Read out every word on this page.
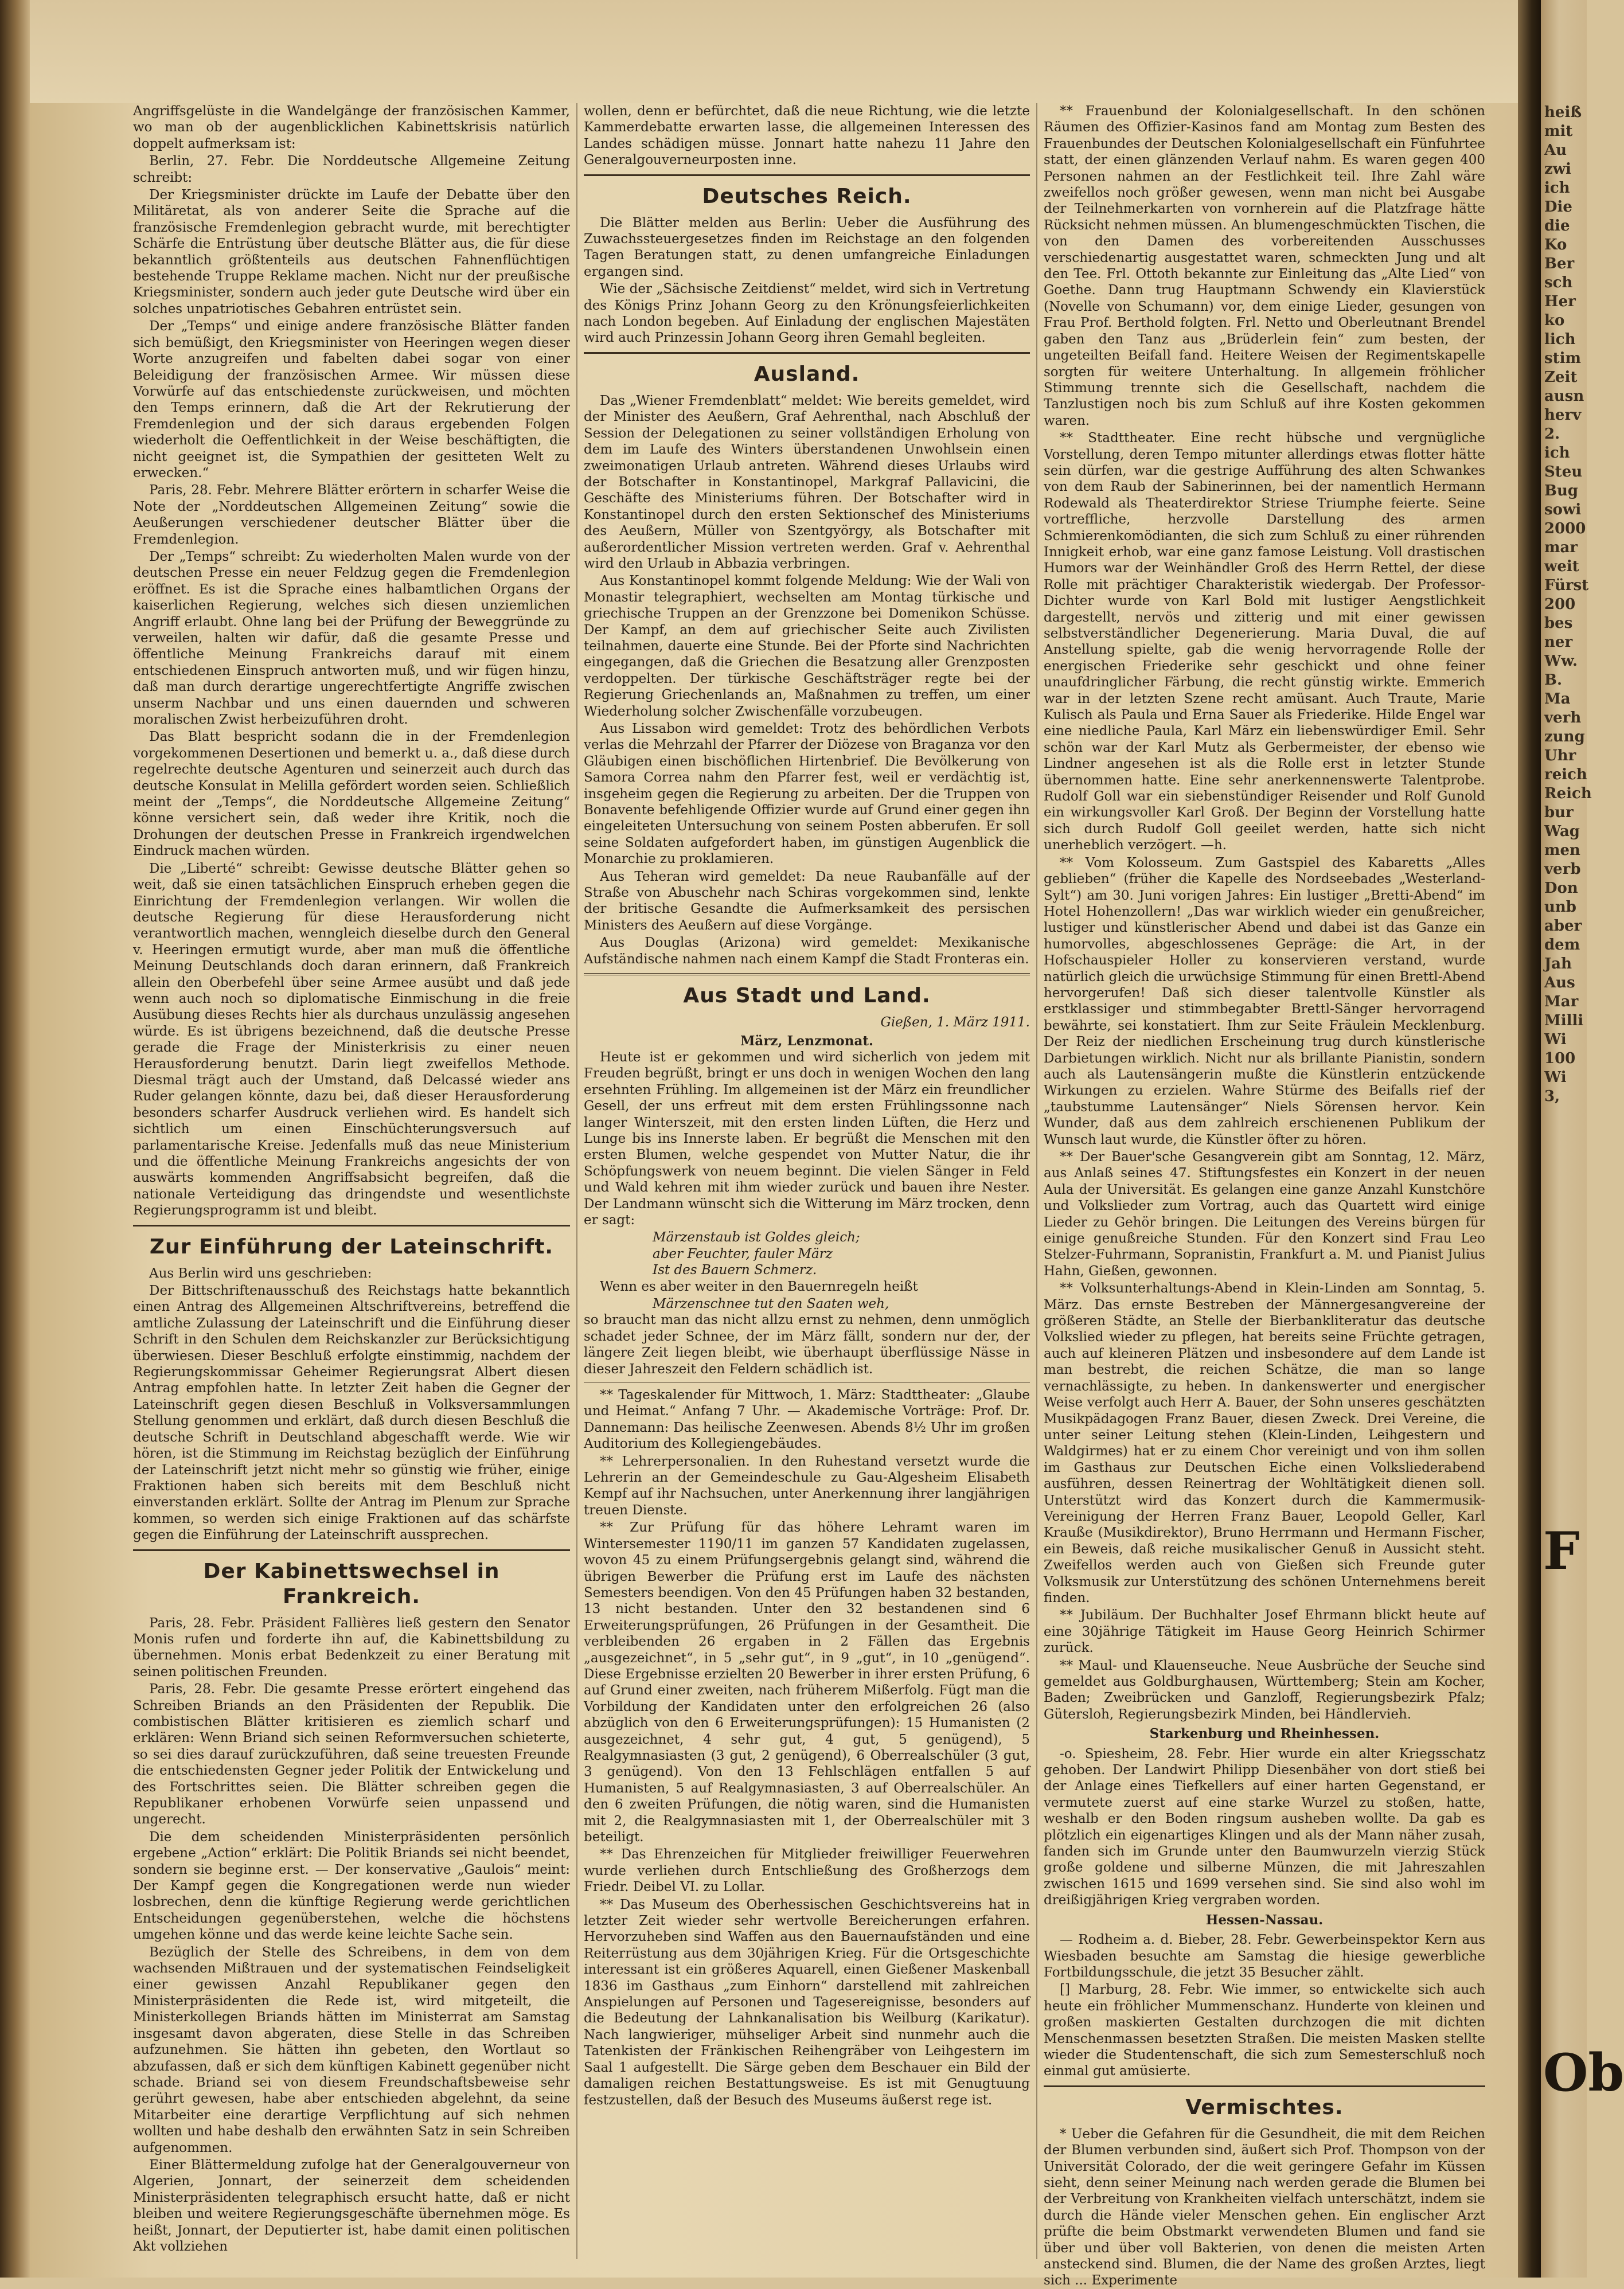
Angriffsgelüste in die Wandelgänge der französischen Kammer, wo man ob der augenblicklichen Kabinettskrisis natürlich doppelt aufmerksam ist:

Berlin, 27. Febr. Die Norddeutsche Allgemeine Zeitung schreibt:

Der Kriegsminister drückte im Laufe der Debatte über den Militäretat, als von anderer Seite die Sprache auf die französische Fremdenlegion gebracht wurde, mit berechtigter Schärfe die Entrüstung über deutsche Blätter aus, die für diese bekanntlich größtenteils aus deutschen Fahnenflüchtigen bestehende Truppe Reklame machen. Nicht nur der preußische Kriegsminister, sondern auch jeder gute Deutsche wird über ein solches unpatriotisches Gebahren entrüstet sein.

Der „Temps“ und einige andere französische Blätter fanden sich bemüßigt, den Kriegsminister von Heeringen wegen dieser Worte anzugreifen und fabelten dabei sogar von einer Beleidigung der französischen Armee. Wir müssen diese Vorwürfe auf das entschiedenste zurückweisen, und möchten den Temps erinnern, daß die Art der Rekrutierung der Fremdenlegion und der sich daraus ergebenden Folgen wiederholt die Oeffentlichkeit in der Weise beschäftigten, die nicht geeignet ist, die Sympathien der gesitteten Welt zu erwecken.“

Paris, 28. Febr. Mehrere Blätter erörtern in scharfer Weise die Note der „Norddeutschen Allgemeinen Zeitung“ sowie die Aeußerungen verschiedener deutscher Blätter über die Fremdenlegion.

Der „Temps“ schreibt: Zu wiederholten Malen wurde von der deutschen Presse ein neuer Feldzug gegen die Fremdenlegion eröffnet. Es ist die Sprache eines halbamtlichen Organs der kaiserlichen Regierung, welches sich diesen unziemlichen Angriff erlaubt. Ohne lang bei der Prüfung der Beweggründe zu verweilen, halten wir dafür, daß die gesamte Presse und öffentliche Meinung Frankreichs darauf mit einem entschiedenen Einspruch antworten muß, und wir fügen hinzu, daß man durch derartige ungerechtfertigte Angriffe zwischen unserm Nachbar und uns einen dauernden und schweren moralischen Zwist herbeizuführen droht.

Das Blatt bespricht sodann die in der Fremdenlegion vorgekommenen Desertionen und bemerkt u. a., daß diese durch regelrechte deutsche Agenturen und seinerzeit auch durch das deutsche Konsulat in Melilla gefördert worden seien. Schließlich meint der „Temps“, die Norddeutsche Allgemeine Zeitung“ könne versichert sein, daß weder ihre Kritik, noch die Drohungen der deutschen Presse in Frankreich irgendwelchen Eindruck machen würden.

Die „Liberté“ schreibt: Gewisse deutsche Blätter gehen so weit, daß sie einen tatsächlichen Einspruch erheben gegen die Einrichtung der Fremdenlegion verlangen. Wir wollen die deutsche Regierung für diese Herausforderung nicht verantwortlich machen, wenngleich dieselbe durch den General v. Heeringen ermutigt wurde, aber man muß die öffentliche Meinung Deutschlands doch daran erinnern, daß Frankreich allein den Oberbefehl über seine Armee ausübt und daß jede wenn auch noch so diplomatische Einmischung in die freie Ausübung dieses Rechts hier als durchaus unzulässig angesehen würde. Es ist übrigens bezeichnend, daß die deutsche Presse gerade die Frage der Ministerkrisis zu einer neuen Herausforderung benutzt. Darin liegt zweifellos Methode. Diesmal trägt auch der Umstand, daß Delcassé wieder ans Ruder gelangen könnte, dazu bei, daß dieser Herausforderung besonders scharfer Ausdruck verliehen wird. Es handelt sich sichtlich um einen Einschüchterungsversuch auf parlamentarische Kreise. Jedenfalls muß das neue Ministerium und die öffentliche Meinung Frankreichs angesichts der von auswärts kommenden Angriffsabsicht begreifen, daß die nationale Verteidigung das dringendste und wesentlichste Regierungsprogramm ist und bleibt.

Zur Einführung der Lateinschrift.

Aus Berlin wird uns geschrieben:

Der Bittschriftenausschuß des Reichstags hatte bekanntlich einen Antrag des Allgemeinen Altschriftvereins, betreffend die amtliche Zulassung der Lateinschrift und die Einführung dieser Schrift in den Schulen dem Reichskanzler zur Berücksichtigung überwiesen. Dieser Beschluß erfolgte einstimmig, nachdem der Regierungskommissar Geheimer Regierungsrat Albert diesen Antrag empfohlen hatte. In letzter Zeit haben die Gegner der Lateinschrift gegen diesen Beschluß in Volksversammlungen Stellung genommen und erklärt, daß durch diesen Beschluß die deutsche Schrift in Deutschland abgeschafft werde. Wie wir hören, ist die Stimmung im Reichstag bezüglich der Einführung der Lateinschrift jetzt nicht mehr so günstig wie früher, einige Fraktionen haben sich bereits mit dem Beschluß nicht einverstanden erklärt. Sollte der Antrag im Plenum zur Sprache kommen, so werden sich einige Fraktionen auf das schärfste gegen die Einführung der Lateinschrift aussprechen.

Der Kabinettswechsel in Frankreich.

Paris, 28. Febr. Präsident Fallières ließ gestern den Senator Monis rufen und forderte ihn auf, die Kabinettsbildung zu übernehmen. Monis erbat Bedenkzeit zu einer Beratung mit seinen politischen Freunden.

Paris, 28. Febr. Die gesamte Presse erörtert eingehend das Schreiben Briands an den Präsidenten der Republik. Die combistischen Blätter kritisieren es ziemlich scharf und erklären: Wenn Briand sich seinen Reformversuchen schieterte, so sei dies darauf zurückzuführen, daß seine treuesten Freunde die entschiedensten Gegner jeder Politik der Entwickelung und des Fortschrittes seien. Die Blätter schreiben gegen die Republikaner erhobenen Vorwürfe seien unpassend und ungerecht.

Die dem scheidenden Ministerpräsidenten persönlich ergebene „Action“ erklärt: Die Politik Briands sei nicht beendet, sondern sie beginne erst. — Der konservative „Gaulois“ meint: Der Kampf gegen die Kongregationen werde nun wieder losbrechen, denn die künftige Regierung werde gerichtlichen Entscheidungen gegenüberstehen, welche die höchstens umgehen könne und das werde keine leichte Sache sein.

Bezüglich der Stelle des Schreibens, in dem von dem wachsenden Mißtrauen und der systematischen Feindseligkeit einer gewissen Anzahl Republikaner gegen den Ministerpräsidenten die Rede ist, wird mitgeteilt, die Ministerkollegen Briands hätten im Ministerrat am Samstag insgesamt davon abgeraten, diese Stelle in das Schreiben aufzunehmen. Sie hätten ihn gebeten, den Wortlaut so abzufassen, daß er sich dem künftigen Kabinett gegenüber nicht schade. Briand sei von diesem Freundschaftsbeweise sehr gerührt gewesen, habe aber entschieden abgelehnt, da seine Mitarbeiter eine derartige Verpflichtung auf sich nehmen wollten und habe deshalb den erwähnten Satz in sein Schreiben aufgenommen.

Einer Blättermeldung zufolge hat der Generalgouverneur von Algerien, Jonnart, der seinerzeit dem scheidenden Ministerpräsidenten telegraphisch ersucht hatte, daß er nicht bleiben und weitere Regierungsgeschäfte übernehmen möge. Es heißt, Jonnart, der Deputierter ist, habe damit einen politischen Akt vollziehen

wollen, denn er befürchtet, daß die neue Richtung, wie die letzte Kammerdebatte erwarten lasse, die allgemeinen Interessen des Landes schädigen müsse. Jonnart hatte nahezu 11 Jahre den Generalgouverneurposten inne.

Deutsches Reich.

Die Blätter melden aus Berlin: Ueber die Ausführung des Zuwachssteuergesetzes finden im Reichstage an den folgenden Tagen Beratungen statt, zu denen umfangreiche Einladungen ergangen sind.

Wie der „Sächsische Zeitdienst“ meldet, wird sich in Vertretung des Königs Prinz Johann Georg zu den Krönungsfeierlichkeiten nach London begeben. Auf Einladung der englischen Majestäten wird auch Prinzessin Johann Georg ihren Gemahl begleiten.

Ausland.

Das „Wiener Fremdenblatt“ meldet: Wie bereits gemeldet, wird der Minister des Aeußern, Graf Aehrenthal, nach Abschluß der Session der Delegationen zu seiner vollständigen Erholung von dem im Laufe des Winters überstandenen Unwohlsein einen zweimonatigen Urlaub antreten. Während dieses Urlaubs wird der Botschafter in Konstantinopel, Markgraf Pallavicini, die Geschäfte des Ministeriums führen. Der Botschafter wird in Konstantinopel durch den ersten Sektionschef des Ministeriums des Aeußern, Müller von Szentgyörgy, als Botschafter mit außerordentlicher Mission vertreten werden. Graf v. Aehrenthal wird den Urlaub in Abbazia verbringen.

Aus Konstantinopel kommt folgende Meldung: Wie der Wali von Monastir telegraphiert, wechselten am Montag türkische und griechische Truppen an der Grenzzone bei Domenikon Schüsse. Der Kampf, an dem auf griechischer Seite auch Zivilisten teilnahmen, dauerte eine Stunde. Bei der Pforte sind Nachrichten eingegangen, daß die Griechen die Besatzung aller Grenzposten verdoppelten. Der türkische Geschäftsträger regte bei der Regierung Griechenlands an, Maßnahmen zu treffen, um einer Wiederholung solcher Zwischenfälle vorzubeugen.

Aus Lissabon wird gemeldet: Trotz des behördlichen Verbots verlas die Mehrzahl der Pfarrer der Diözese von Braganza vor den Gläubigen einen bischöflichen Hirtenbrief. Die Bevölkerung von Samora Correa nahm den Pfarrer fest, weil er verdächtig ist, insgeheim gegen die Regierung zu arbeiten. Der die Truppen von Bonavente befehligende Offizier wurde auf Grund einer gegen ihn eingeleiteten Untersuchung von seinem Posten abberufen. Er soll seine Soldaten aufgefordert haben, im günstigen Augenblick die Monarchie zu proklamieren.

Aus Teheran wird gemeldet: Da neue Raubanfälle auf der Straße von Abuschehr nach Schiras vorgekommen sind, lenkte der britische Gesandte die Aufmerksamkeit des persischen Ministers des Aeußern auf diese Vorgänge.

Aus Douglas (Arizona) wird gemeldet: Mexikanische Aufständische nahmen nach einem Kampf die Stadt Fronteras ein.

Aus Stadt und Land.
Gießen, 1. März 1911.
März, Lenzmonat.

Heute ist er gekommen und wird sicherlich von jedem mit Freuden begrüßt, bringt er uns doch in wenigen Wochen den lang ersehnten Frühling. Im allgemeinen ist der März ein freundlicher Gesell, der uns erfreut mit dem ersten Frühlingssonne nach langer Winterszeit, mit den ersten linden Lüften, die Herz und Lunge bis ins Innerste laben. Er begrüßt die Menschen mit den ersten Blumen, welche gespendet von Mutter Natur, die ihr Schöpfungswerk von neuem beginnt. Die vielen Sänger in Feld und Wald kehren mit ihm wieder zurück und bauen ihre Nester. Der Landmann wünscht sich die Witterung im März trocken, denn er sagt:

Märzenstaub ist Goldes gleich;
aber Feuchter, fauler März
Ist des Bauern Schmerz.

Wenn es aber weiter in den Bauernregeln heißt

Märzenschnee tut den Saaten weh,

so braucht man das nicht allzu ernst zu nehmen, denn unmöglich schadet jeder Schnee, der im März fällt, sondern nur der, der längere Zeit liegen bleibt, wie überhaupt überflüssige Nässe in dieser Jahreszeit den Feldern schädlich ist.

** Tageskalender für Mittwoch, 1. März: Stadttheater: „Glaube und Heimat.“ Anfang 7 Uhr. — Akademische Vorträge: Prof. Dr. Dannemann: Das heilische Zeenwesen. Abends 8½ Uhr im großen Auditorium des Kollegiengebäudes.

** Lehrerpersonalien. In den Ruhestand versetzt wurde die Lehrerin an der Gemeindeschule zu Gau-Algesheim Elisabeth Kempf auf ihr Nachsuchen, unter Anerkennung ihrer langjährigen treuen Dienste.

** Zur Prüfung für das höhere Lehramt waren im Wintersemester 1190/11 im ganzen 57 Kandidaten zugelassen, wovon 45 zu einem Prüfungsergebnis gelangt sind, während die übrigen Bewerber die Prüfung erst im Laufe des nächsten Semesters beendigen. Von den 45 Prüfungen haben 32 bestanden, 13 nicht bestanden. Unter den 32 bestandenen sind 6 Erweiterungsprüfungen, 26 Prüfungen in der Gesamtheit. Die verbleibenden 26 ergaben in 2 Fällen das Ergebnis „ausgezeichnet“, in 5 „sehr gut“, in 9 „gut“, in 10 „genügend“. Diese Ergebnisse erzielten 20 Bewerber in ihrer ersten Prüfung, 6 auf Grund einer zweiten, nach früherem Mißerfolg. Fügt man die Vorbildung der Kandidaten unter den erfolgreichen 26 (also abzüglich von den 6 Erweiterungsprüfungen): 15 Humanisten (2 ausgezeichnet, 4 sehr gut, 4 gut, 5 genügend), 5 Realgymnasiasten (3 gut, 2 genügend), 6 Oberrealschüler (3 gut, 3 genügend). Von den 13 Fehlschlägen entfallen 5 auf Humanisten, 5 auf Realgymnasiasten, 3 auf Oberrealschüler. An den 6 zweiten Prüfungen, die nötig waren, sind die Humanisten mit 2, die Realgymnasiasten mit 1, der Oberrealschüler mit 3 beteiligt.

** Das Ehrenzeichen für Mitglieder freiwilliger Feuerwehren wurde verliehen durch Entschließung des Großherzogs dem Friedr. Deibel VI. zu Lollar.

** Das Museum des Oberhessischen Geschichtsvereins hat in letzter Zeit wieder sehr wertvolle Bereicherungen erfahren. Hervorzuheben sind Waffen aus den Bauernaufständen und eine Reiterrüstung aus dem 30jährigen Krieg. Für die Ortsgeschichte interessant ist ein größeres Aquarell, einen Gießener Maskenball 1836 im Gasthaus „zum Einhorn“ darstellend mit zahlreichen Anspielungen auf Personen und Tagesereignisse, besonders auf die Bedeutung der Lahnkanalisation bis Weilburg (Karikatur). Nach langwieriger, mühseliger Arbeit sind nunmehr auch die Tatenkisten der Fränkischen Reihengräber von Leihgestern im Saal 1 aufgestellt. Die Särge geben dem Beschauer ein Bild der damaligen reichen Bestattungsweise. Es ist mit Genugtuung festzustellen, daß der Besuch des Museums äußerst rege ist.

** Frauenbund der Kolonialgesellschaft. In den schönen Räumen des Offizier-Kasinos fand am Montag zum Besten des Frauenbundes der Deutschen Kolonialgesellschaft ein Fünfuhrtee statt, der einen glänzenden Verlauf nahm. Es waren gegen 400 Personen nahmen an der Festlichkeit teil. Ihre Zahl wäre zweifellos noch größer gewesen, wenn man nicht bei Ausgabe der Teilnehmerkarten von vornherein auf die Platzfrage hätte Rücksicht nehmen müssen. An blumengeschmückten Tischen, die von den Damen des vorbereitenden Ausschusses verschiedenartig ausgestattet waren, schmeckten Jung und alt den Tee. Frl. Ottoth bekannte zur Einleitung das „Alte Lied“ von Goethe. Dann trug Hauptmann Schwendy ein Klavierstück (Novelle von Schumann) vor, dem einige Lieder, gesungen von Frau Prof. Berthold folgten. Frl. Netto und Oberleutnant Brendel gaben den Tanz aus „Brüderlein fein“ zum besten, der ungeteilten Beifall fand. Heitere Weisen der Regimentskapelle sorgten für weitere Unterhaltung. In allgemein fröhlicher Stimmung trennte sich die Gesellschaft, nachdem die Tanzlustigen noch bis zum Schluß auf ihre Kosten gekommen waren.

** Stadttheater. Eine recht hübsche und vergnügliche Vorstellung, deren Tempo mitunter allerdings etwas flotter hätte sein dürfen, war die gestrige Aufführung des alten Schwankes von dem Raub der Sabinerinnen, bei der namentlich Hermann Rodewald als Theaterdirektor Striese Triumphe feierte. Seine vortreffliche, herzvolle Darstellung des armen Schmierenkomödianten, die sich zum Schluß zu einer rührenden Innigkeit erhob, war eine ganz famose Leistung. Voll drastischen Humors war der Weinhändler Groß des Herrn Rettel, der diese Rolle mit prächtiger Charakteristik wiedergab. Der Professor-Dichter wurde von Karl Bold mit lustiger Aengstlichkeit dargestellt, nervös und zitterig und mit einer gewissen selbstverständlicher Degenerierung. Maria Duval, die auf Anstellung spielte, gab die wenig hervorragende Rolle der energischen Friederike sehr geschickt und ohne feiner unaufdringlicher Färbung, die recht günstig wirkte. Emmerich war in der letzten Szene recht amüsant. Auch Traute, Marie Kulisch als Paula und Erna Sauer als Friederike. Hilde Engel war eine niedliche Paula, Karl März ein liebenswürdiger Emil. Sehr schön war der Karl Mutz als Gerbermeister, der ebenso wie Lindner angesehen ist als die Rolle erst in letzter Stunde übernommen hatte. Eine sehr anerkennenswerte Talentprobe. Rudolf Goll war ein siebenstündiger Reisender und Rolf Gunold ein wirkungsvoller Karl Groß. Der Beginn der Vorstellung hatte sich durch Rudolf Goll geeilet werden, hatte sich nicht unerheblich verzögert. —h.

** Vom Kolosseum. Zum Gastspiel des Kabaretts „Alles geblieben“ (früher die Kapelle des Nordseebades „Westerland-Sylt“) am 30. Juni vorigen Jahres: Ein lustiger „Bretti-Abend“ im Hotel Hohenzollern! „Das war wirklich wieder ein genußreicher, lustiger und künstlerischer Abend und dabei ist das Ganze ein humorvolles, abgeschlossenes Gepräge: die Art, in der Hofschauspieler Holler zu konservieren verstand, wurde natürlich gleich die urwüchsige Stimmung für einen Brettl-Abend hervorgerufen! Daß sich dieser talentvolle Künstler als erstklassiger und stimmbegabter Brettl-Sänger hervorragend bewährte, sei konstatiert. Ihm zur Seite Fräulein Mecklenburg. Der Reiz der niedlichen Erscheinung trug durch künstlerische Darbietungen wirklich. Nicht nur als brillante Pianistin, sondern auch als Lautensängerin mußte die Künstlerin entzückende Wirkungen zu erzielen. Wahre Stürme des Beifalls rief der „taubstumme Lautensänger“ Niels Sörensen hervor. Kein Wunder, daß aus dem zahlreich erschienenen Publikum der Wunsch laut wurde, die Künstler öfter zu hören.

** Der Bauer'sche Gesangverein gibt am Sonntag, 12. März, aus Anlaß seines 47. Stiftungsfestes ein Konzert in der neuen Aula der Universität. Es gelangen eine ganze Anzahl Kunstchöre und Volkslieder zum Vortrag, auch das Quartett wird einige Lieder zu Gehör bringen. Die Leitungen des Vereins bürgen für einige genußreiche Stunden. Für den Konzert sind Frau Leo Stelzer-Fuhrmann, Sopranistin, Frankfurt a. M. und Pianist Julius Hahn, Gießen, gewonnen.

** Volksunterhaltungs-Abend in Klein-Linden am Sonntag, 5. März. Das ernste Bestreben der Männergesangvereine der größeren Städte, an Stelle der Bierbankliteratur das deutsche Volkslied wieder zu pflegen, hat bereits seine Früchte getragen, auch auf kleineren Plätzen und insbesondere auf dem Lande ist man bestrebt, die reichen Schätze, die man so lange vernachlässigte, zu heben. In dankenswerter und energischer Weise verfolgt auch Herr A. Bauer, der Sohn unseres geschätzten Musikpädagogen Franz Bauer, diesen Zweck. Drei Vereine, die unter seiner Leitung stehen (Klein-Linden, Leihgestern und Waldgirmes) hat er zu einem Chor vereinigt und von ihm sollen im Gasthaus zur Deutschen Eiche einen Volksliederabend ausführen, dessen Reinertrag der Wohltätigkeit dienen soll. Unterstützt wird das Konzert durch die Kammermusik-Vereinigung der Herren Franz Bauer, Leopold Geller, Karl Krauße (Musikdirektor), Bruno Herrmann und Hermann Fischer, ein Beweis, daß reiche musikalischer Genuß in Aussicht steht. Zweifellos werden auch von Gießen sich Freunde guter Volksmusik zur Unterstützung des schönen Unternehmens bereit finden.

** Jubiläum. Der Buchhalter Josef Ehrmann blickt heute auf eine 30jährige Tätigkeit im Hause Georg Heinrich Schirmer zurück.

** Maul- und Klauenseuche. Neue Ausbrüche der Seuche sind gemeldet aus Goldburghausen, Württemberg; Stein am Kocher, Baden; Zweibrücken und Ganzloff, Regierungsbezirk Pfalz; Gütersloh, Regierungsbezirk Minden, bei Händlervieh.

Starkenburg und Rheinhessen.

-o. Spiesheim, 28. Febr. Hier wurde ein alter Kriegsschatz gehoben. Der Landwirt Philipp Diesenbäher von dort stieß bei der Anlage eines Tiefkellers auf einer harten Gegenstand, er vermutete zuerst auf eine starke Wurzel zu stoßen, hatte, weshalb er den Boden ringsum ausheben wollte. Da gab es plötzlich ein eigenartiges Klingen und als der Mann näher zusah, fanden sich im Grunde unter den Baumwurzeln vierzig Stück große goldene und silberne Münzen, die mit Jahreszahlen zwischen 1615 und 1699 versehen sind. Sie sind also wohl im dreißigjährigen Krieg vergraben worden.

Hessen-Nassau.

— Rodheim a. d. Bieber, 28. Febr. Gewerbeinspektor Kern aus Wiesbaden besuchte am Samstag die hiesige gewerbliche Fortbildungsschule, die jetzt 35 Besucher zählt.

[] Marburg, 28. Febr. Wie immer, so entwickelte sich auch heute ein fröhlicher Mummenschanz. Hunderte von kleinen und großen maskierten Gestalten durchzogen die mit dichten Menschenmassen besetzten Straßen. Die meisten Masken stellte wieder die Studentenschaft, die sich zum Semesterschluß noch einmal gut amüsierte.

Vermischtes.

* Ueber die Gefahren für die Gesundheit, die mit dem Reichen der Blumen verbunden sind, äußert sich Prof. Thompson von der Universität Colorado, der die weit geringere Gefahr im Küssen sieht, denn seiner Meinung nach werden gerade die Blumen bei der Verbreitung von Krankheiten vielfach unterschätzt, indem sie durch die Hände vieler Menschen gehen. Ein englischer Arzt prüfte die beim Obstmarkt verwendeten Blumen und fand sie über und über voll Bakterien, von denen die meisten Arten ansteckend sind. Blumen, die der Name des großen Arztes, liegt sich ... Experimente

heiß
mit
Au
zwi
ich
Die
die
Ko
Ber
sch
Her
ko
lich
stim
Zeit
ausn
herv
2.
ich
Steu
Bug
sowi
2000
mar
weit
Fürst
200
bes
ner
Ww.
B.
Ma
verh
zung
Uhr
reich
Reich
bur
Wag
men
verb
Don
unb
aber
dem
Jah
Aus
Mar
Milli
Wi
100
Wi
3,
F
Ob
